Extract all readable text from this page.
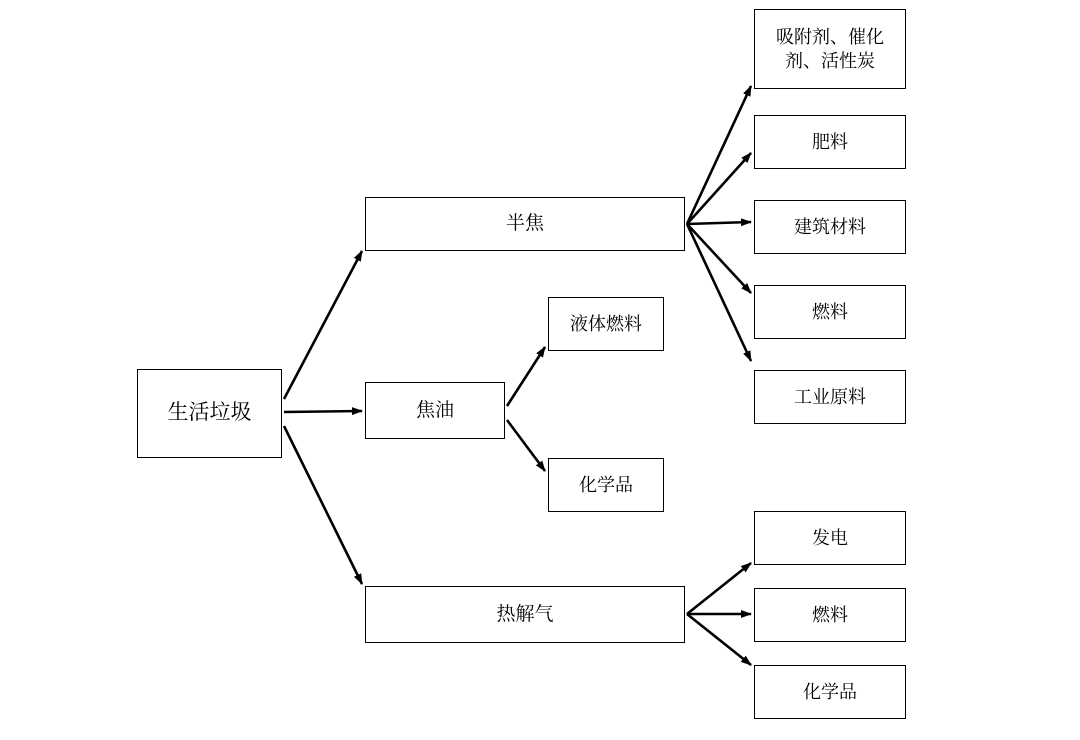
生活垃圾
半焦
焦油
热解气
液体燃料
化学品
吸附剂、催化剂、活性炭
肥料
建筑材料
燃料
工业原料
发电
燃料
化学品
